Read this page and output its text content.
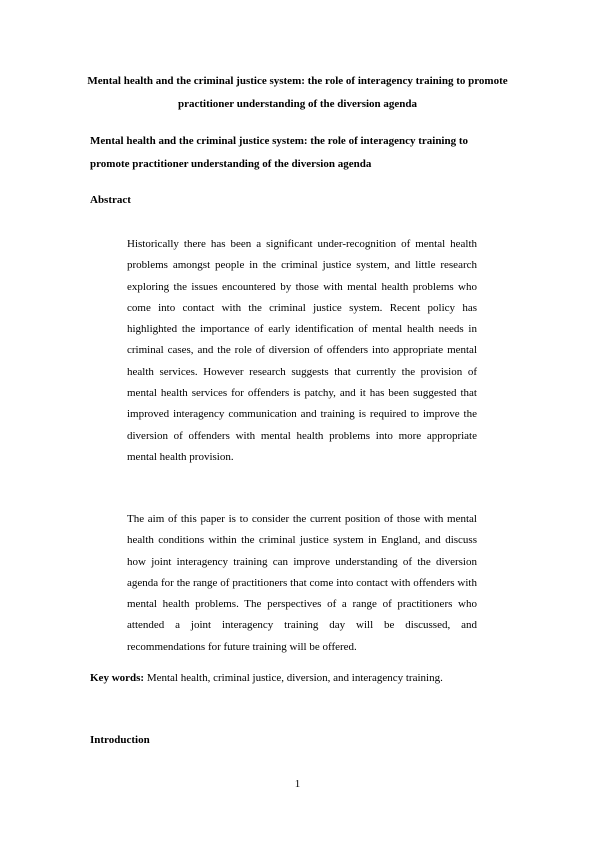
Mental health and the criminal justice system: the role of interagency training to promote practitioner understanding of the diversion agenda
Mental health and the criminal justice system: the role of interagency training to promote practitioner understanding of the diversion agenda
Abstract

Historically there has been a significant under-recognition of mental health problems amongst people in the criminal justice system, and little research exploring the issues encountered by those with mental health problems who come into contact with the criminal justice system. Recent policy has highlighted the importance of early identification of mental health needs in criminal cases, and the role of diversion of offenders into appropriate mental health services. However research suggests that currently the provision of mental health services for offenders is patchy, and it has been suggested that improved interagency communication and training is required to improve the diversion of offenders with mental health problems into more appropriate mental health provision.

The aim of this paper is to consider the current position of those with mental health conditions within the criminal justice system in England, and discuss how joint interagency training can improve understanding of the diversion agenda for the range of practitioners that come into contact with offenders with mental health problems. The perspectives of a range of practitioners who attended a joint interagency training day will be discussed, and recommendations for future training will be offered.

Key words: Mental health, criminal justice, diversion, and interagency training.
Introduction
1
